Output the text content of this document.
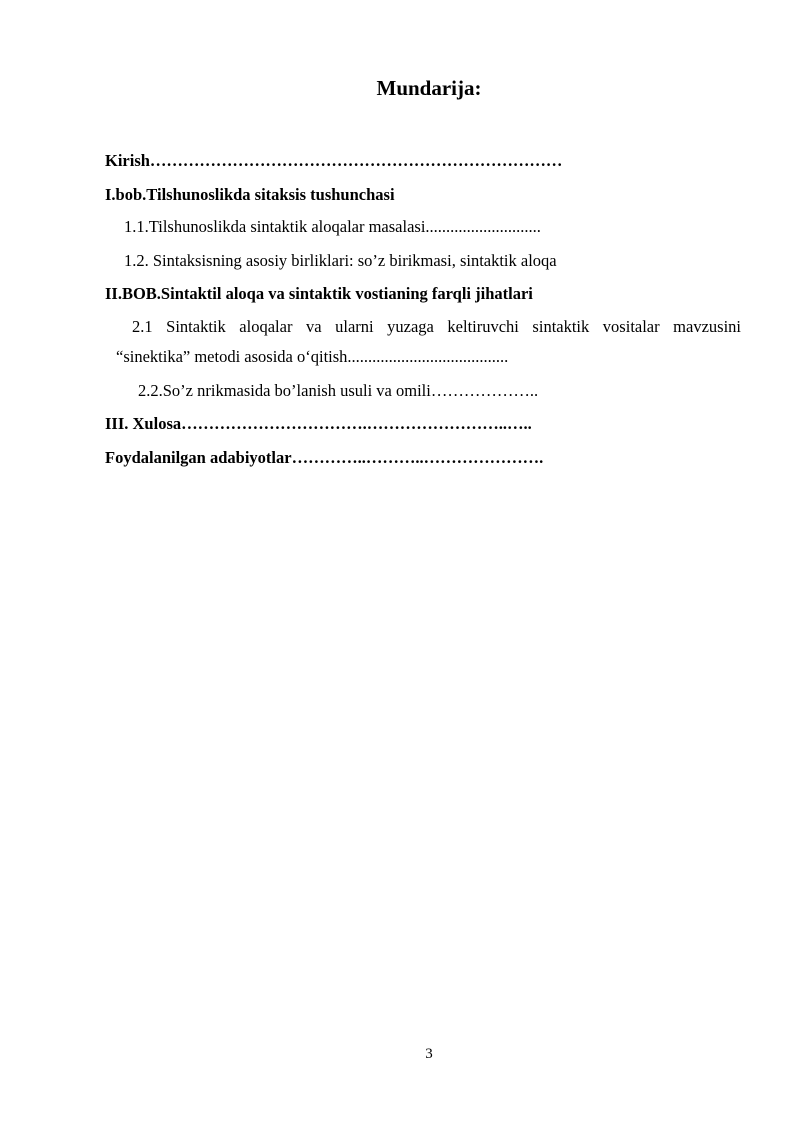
Mundarija:
Kirish…………………………………………………………………
I.bob.Tilshunoslikda sitaksis tushunchasi
1.1.Tilshunoslikda sintaktik aloqalar masalasi............................
1.2. Sintaksisning asosiy birliklari: so’z birikmasi, sintaktik aloqa
II.BOB.Sintaktil aloqa va sintaktik vostianing farqli jihatlari
2.1 Sintaktik aloqalar va ularni yuzaga keltiruvchi sintaktik vositalar mavzusini
“sinektika” metodi asosida o‘qitish.......................................
2.2.So’z nrikmasida bo’lanish usuli va omili………………..
III. Xulosa…………………………….……………………..…..
Foydalanilgan adabiyotlar…………..………..………………….
3
